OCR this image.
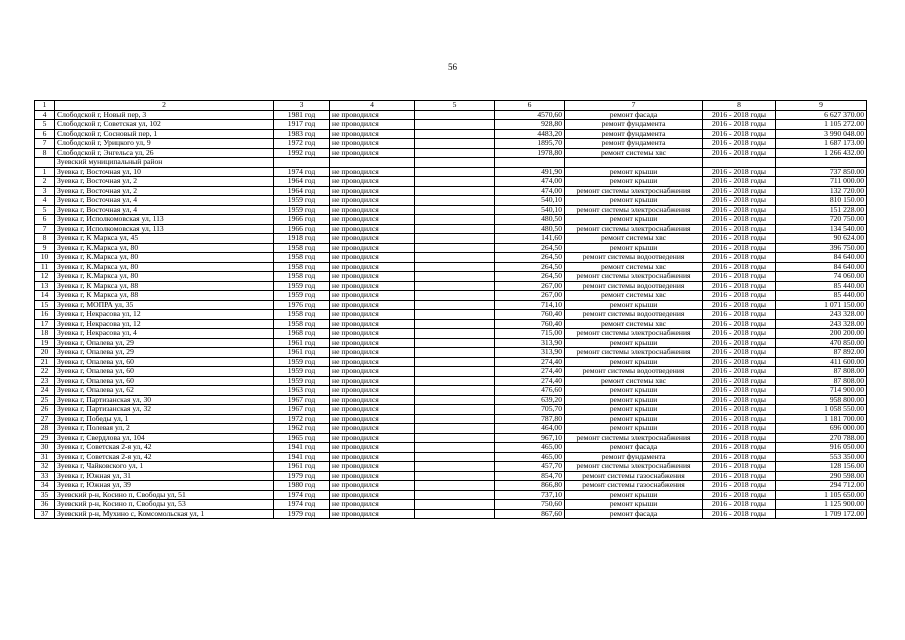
56
1	2	3	4	5	6	7	8	9
4	Слободской г, Новый пер, 3	1981 год	не проводился		4570,60	ремонт фасада	2016 - 2018 годы	6 627 370.00
5	Слободской г, Советская ул, 102	1917 год	не проводился		928,80	ремонт фундамента	2016 - 2018 годы	1 105 272.00
6	Слободской г, Сосновый пер, 1	1983 год	не проводился		4483,20	ремонт фундамента	2016 - 2018 годы	3 990 048.00
7	Слободской г, Урицкого ул, 9	1972 год	не проводился		1895,70	ремонт фундамента	2016 - 2018 годы	1 687 173.00
8	Слободской г, Энгельса ул, 26	1992 год	не проводился		1978,80	ремонт системы хвс	2016 - 2018 годы	1 266 432.00
	Зуевский муниципальный район							
1	Зуевка г, Восточная ул, 10	1974 год	не проводился		491,90	ремонт крыши	2016 - 2018 годы	737 850.00
2	Зуевка г, Восточная ул, 2	1964 год	не проводился		474,00	ремонт крыши	2016 - 2018 годы	711 000.00
3	Зуевка г, Восточная ул, 2	1964 год	не проводился		474,00	ремонт системы электроснабжения	2016 - 2018 годы	132 720.00
4	Зуевка г, Восточная ул, 4	1959 год	не проводился		540,10	ремонт крыши	2016 - 2018 годы	810 150.00
5	Зуевка г, Восточная ул, 4	1959 год	не проводился		540,10	ремонт системы электроснабжения	2016 - 2018 годы	151 228.00
6	Зуевка г, Исполкомовская ул, 113	1966 год	не проводился		480,50	ремонт крыши	2016 - 2018 годы	720 750.00
7	Зуевка г, Исполкомовская ул, 113	1966 год	не проводился		480,50	ремонт системы электроснабжения	2016 - 2018 годы	134 540.00
8	Зуевка г, К Маркса ул, 45	1918 год	не проводился		141,60	ремонт системы хвс	2016 - 2018 годы	90 624.00
9	Зуевка г, К.Маркса ул, 80	1958 год	не проводился		264,50	ремонт крыши	2016 - 2018 годы	396 750.00
10	Зуевка г, К.Маркса ул, 80	1958 год	не проводился		264,50	ремонт системы водоотведения	2016 - 2018 годы	84 640.00
11	Зуевка г, К.Маркса ул, 80	1958 год	не проводился		264,50	ремонт системы хвс	2016 - 2018 годы	84 640.00
12	Зуевка г, К.Маркса ул, 80	1958 год	не проводился		264,50	ремонт системы электроснабжения	2016 - 2018 годы	74 060.00
13	Зуевка г, К Маркса ул, 88	1959 год	не проводился		267,00	ремонт системы водоотведения	2016 - 2018 годы	85 440.00
14	Зуевка г, К Маркса ул, 88	1959 год	не проводился		267,00	ремонт системы хвс	2016 - 2018 годы	85 440.00
15	Зуевка г, МОПРА ул, 35	1976 год	не проводился		714,10	ремонт крыши	2016 - 2018 годы	1 071 150.00
16	Зуевка г, Некрасова ул, 12	1958 год	не проводился		760,40	ремонт системы водоотведения	2016 - 2018 годы	243 328.00
17	Зуевка г, Некрасова ул, 12	1958 год	не проводился		760,40	ремонт системы хвс	2016 - 2018 годы	243 328.00
18	Зуевка г, Некрасова ул, 4	1968 год	не проводился		715,00	ремонт системы электроснабжения	2016 - 2018 годы	200 200.00
19	Зуевка г, Опалева ул, 29	1961 год	не проводился		313,90	ремонт крыши	2016 - 2018 годы	470 850.00
20	Зуевка г, Опалева ул, 29	1961 год	не проводился		313,90	ремонт системы электроснабжения	2016 - 2018 годы	87 892.00
21	Зуевка г, Опалева ул, 60	1959 год	не проводился		274,40	ремонт крыши	2016 - 2018 годы	411 600.00
22	Зуевка г, Опалева ул, 60	1959 год	не проводился		274,40	ремонт системы водоотведения	2016 - 2018 годы	87 808.00
23	Зуевка г, Опалева ул, 60	1959 год	не проводился		274,40	ремонт системы хвс	2016 - 2018 годы	87 808.00
24	Зуевка г, Опалева ул, 62	1963 год	не проводился		476,60	ремонт крыши	2016 - 2018 годы	714 900.00
25	Зуевка г, Партизанская ул, 30	1967 год	не проводился		639,20	ремонт крыши	2016 - 2018 годы	958 800.00
26	Зуевка г, Партизанская ул, 32	1967 год	не проводился		705,70	ремонт крыши	2016 - 2018 годы	1 058 550.00
27	Зуевка г, Победы ул, 1	1972 год	не проводился		787,80	ремонт крыши	2016 - 2018 годы	1 181 700.00
28	Зуевка г, Полевая ул, 2	1962 год	не проводился		464,00	ремонт крыши	2016 - 2018 годы	696 000.00
29	Зуевка г, Свердлова ул, 104	1965 год	не проводился		967,10	ремонт системы электроснабжения	2016 - 2018 годы	270 788.00
30	Зуевка г, Советская 2-я ул, 42	1941 год	не проводился		465,00	ремонт фасада	2016 - 2018 годы	916 050.00
31	Зуевка г, Советская 2-я ул, 42	1941 год	не проводился		465,00	ремонт фундамента	2016 - 2018 годы	553 350.00
32	Зуевка г, Чайковского ул, 1	1961 год	не проводился		457,70	ремонт системы электроснабжения	2016 - 2018 годы	128 156.00
33	Зуевка г, Южная ул, 31	1979 год	не проводился		854,70	ремонт системы газоснабжения	2016 - 2018 годы	290 598.00
34	Зуевка г, Южная ул, 39	1980 год	не проводился		866,80	ремонт системы газоснабжения	2016 - 2018 годы	294 712.00
35	Зуевский р-н, Косино п, Свободы ул, 51	1974 год	не проводился		737,10	ремонт крыши	2016 - 2018 годы	1 105 650.00
36	Зуевский р-н, Косино п, Свободы ул, 53	1974 год	не проводился		750,60	ремонт крыши	2016 - 2018 годы	1 125 900.00
37	Зуевский р-н, Мухино с, Комсомольская ул, 1	1979 год	не проводился		867,60	ремонт фасада	2016 - 2018 годы	1 709 172.00
